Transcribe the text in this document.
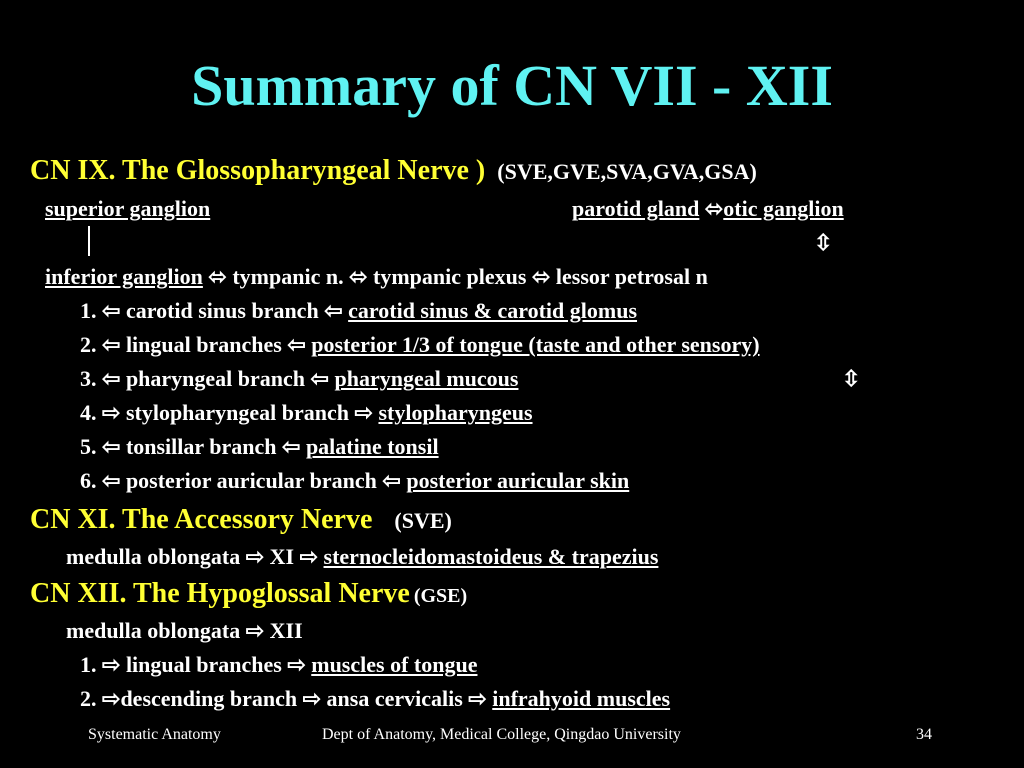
Summary of CN VII - XII
CN IX. The Glossopharyngeal Nerve ) (SVE,GVE,SVA,GVA,GSA)
superior ganglion	parotid gland ⬄otic ganglion
⇳
inferior ganglion ⬄ tympanic n. ⬄ tympanic plexus ⬄ lessor petrosal n
1. ⇦ carotid sinus branch ⇦ carotid sinus & carotid glomus
2. ⇦ lingual branches ⇦ posterior 1/3 of tongue (taste and other sensory)
3. ⇦ pharyngeal branch ⇦ pharyngeal mucous	⇳
4. ⇨ stylopharyngeal branch ⇨ stylopharyngeus
5. ⇦ tonsillar branch ⇦ palatine tonsil
6. ⇦ posterior auricular branch ⇦ posterior auricular skin
CN XI. The Accessory Nerve (SVE)
medulla oblongata ⇨ XI ⇨ sternocleidomastoideus & trapezius
CN XII. The Hypoglossal Nerve (GSE)
medulla oblongata ⇨ XII
1. ⇨ lingual branches ⇨ muscles of tongue
2. ⇨descending branch ⇨ ansa cervicalis ⇨ infrahyoid muscles
Systematic Anatomy	Dept of Anatomy, Medical College, Qingdao University	34
